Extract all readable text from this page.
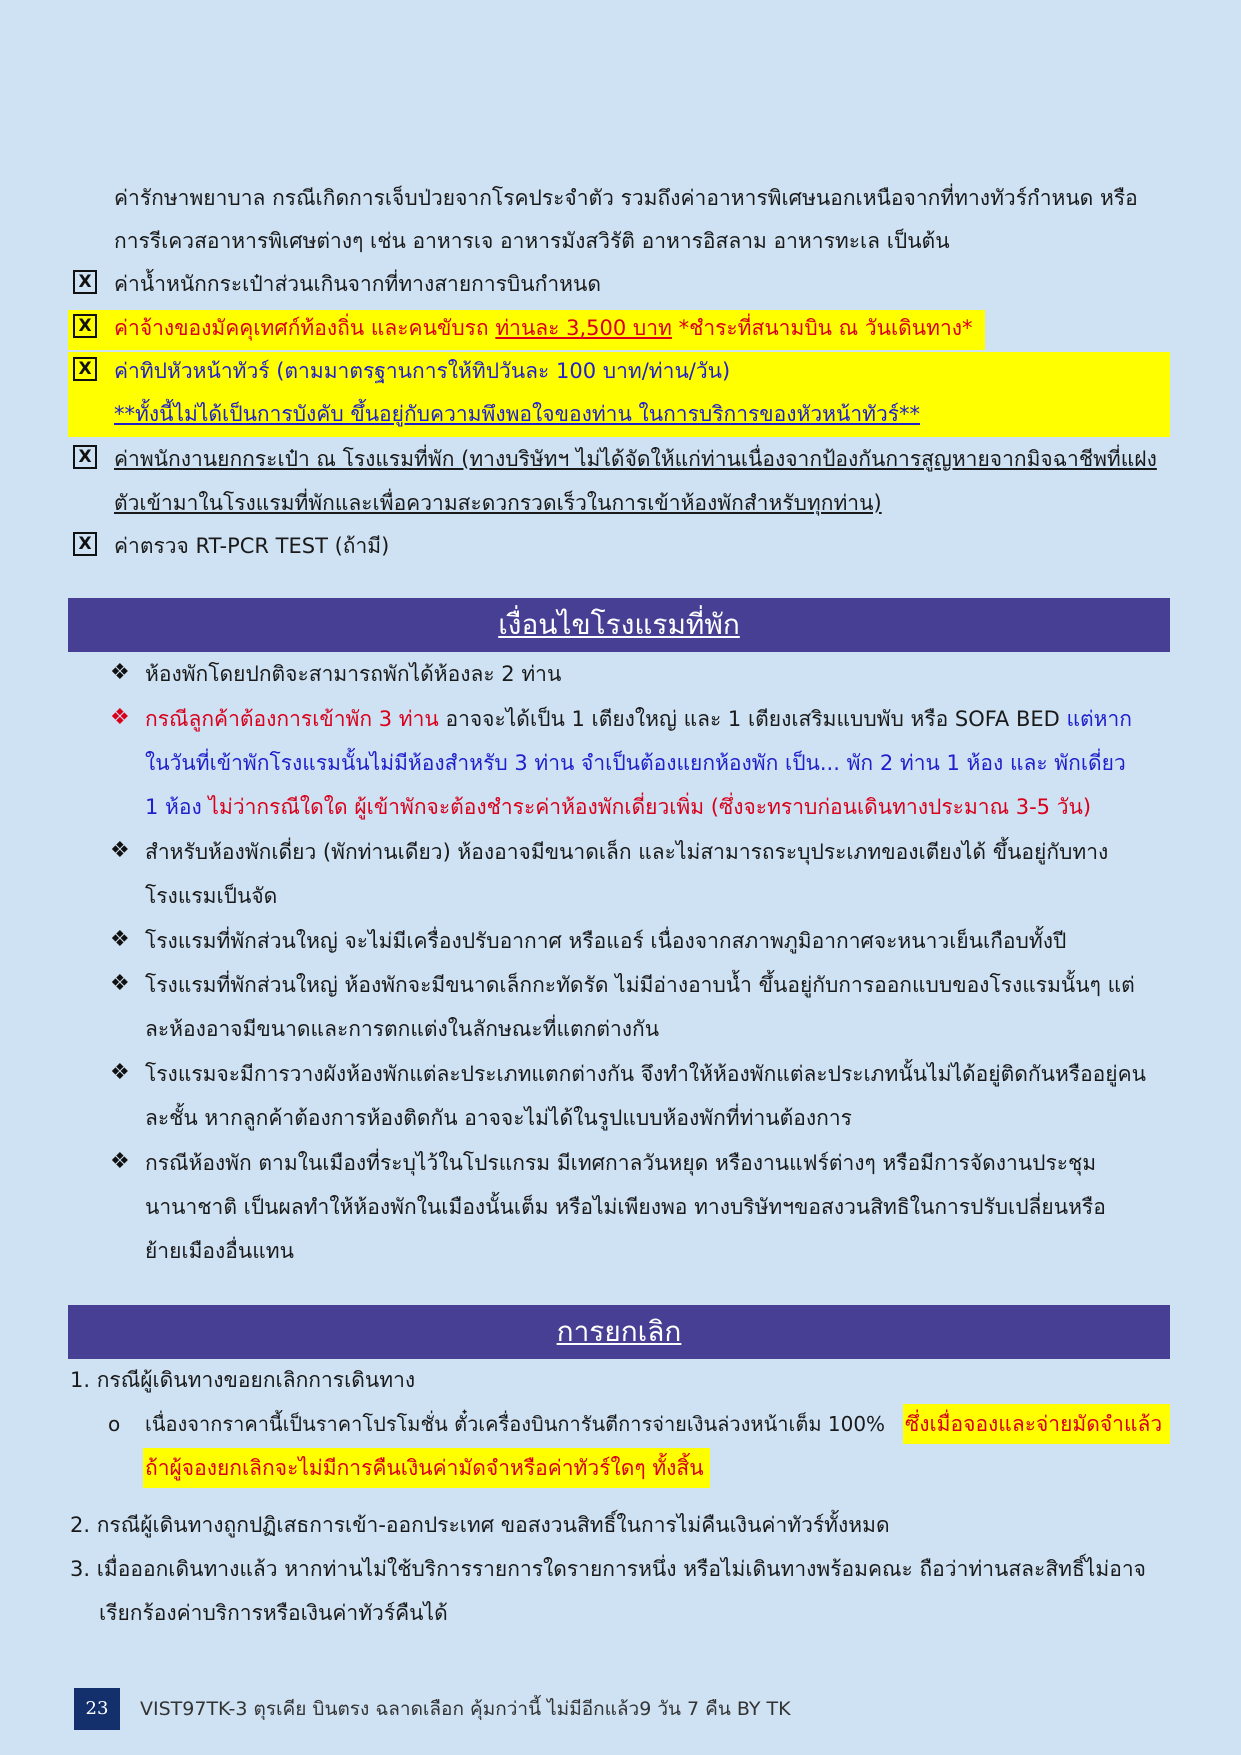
ค่ารักษาพยาบาล กรณีเกิดการเจ็บป่วยจากโรคประจำตัว รวมถึงค่าอาหารพิเศษนอกเหนือจากที่ทางทัวร์กำหนด หรือ
การรีเควสอาหารพิเศษต่างๆ เช่น อาหารเจ อาหารมังสวิรัติ อาหารอิสลาม อาหารทะเล เป็นต้น
X ค่าน้ำหนักกระเป๋าส่วนเกินจากที่ทางสายการบินกำหนด
X ค่าจ้างของมัคคุเทศก์ท้องถิ่น และคนขับรถ ท่านละ 3,500 บาท *ชำระที่สนามบิน ณ วันเดินทาง*
X ค่าทิปหัวหน้าทัวร์ (ตามมาตรฐานการให้ทิปวันละ 100 บาท/ท่าน/วัน)
**ทั้งนี้ไม่ได้เป็นการบังคับ ขึ้นอยู่กับความพึงพอใจของท่าน ในการบริการของหัวหน้าทัวร์**
X ค่าพนักงานยกกระเป๋า ณ โรงแรมที่พัก (ทางบริษัทฯ ไม่ได้จัดให้แก่ท่านเนื่องจากป้องกันการสูญหายจากมิจฉาชีพที่แฝง
ตัวเข้ามาในโรงแรมที่พักและเพื่อความสะดวกรวดเร็วในการเข้าห้องพักสำหรับทุกท่าน)
X ค่าตรวจ RT-PCR TEST (ถ้ามี)
เงื่อนไขโรงแรมที่พัก
❖ ห้องพักโดยปกติจะสามารถพักได้ห้องละ 2 ท่าน
❖ กรณีลูกค้าต้องการเข้าพัก 3 ท่าน อาจจะได้เป็น 1 เตียงใหญ่ และ 1 เตียงเสริมแบบพับ หรือ SOFA BED แต่หาก
ในวันที่เข้าพักโรงแรมนั้นไม่มีห้องสำหรับ 3 ท่าน จำเป็นต้องแยกห้องพัก เป็น... พัก 2 ท่าน 1 ห้อง และ พักเดี่ยว
1 ห้อง ไม่ว่ากรณีใดใด ผู้เข้าพักจะต้องชำระค่าห้องพักเดี่ยวเพิ่ม (ซึ่งจะทราบก่อนเดินทางประมาณ 3-5 วัน)
❖ สำหรับห้องพักเดี่ยว (พักท่านเดียว) ห้องอาจมีขนาดเล็ก และไม่สามารถระบุประเภทของเตียงได้ ขึ้นอยู่กับทาง
โรงแรมเป็นจัด
❖ โรงแรมที่พักส่วนใหญ่ จะไม่มีเครื่องปรับอากาศ หรือแอร์ เนื่องจากสภาพภูมิอากาศจะหนาวเย็นเกือบทั้งปี
❖ โรงแรมที่พักส่วนใหญ่ ห้องพักจะมีขนาดเล็กกะทัดรัด ไม่มีอ่างอาบน้ำ ขึ้นอยู่กับการออกแบบของโรงแรมนั้นๆ แต่
ละห้องอาจมีขนาดและการตกแต่งในลักษณะที่แตกต่างกัน
❖ โรงแรมจะมีการวางผังห้องพักแต่ละประเภทแตกต่างกัน จึงทำให้ห้องพักแต่ละประเภทนั้นไม่ได้อยู่ติดกันหรืออยู่คน
ละชั้น หากลูกค้าต้องการห้องติดกัน อาจจะไม่ได้ในรูปแบบห้องพักที่ท่านต้องการ
❖ กรณีห้องพัก ตามในเมืองที่ระบุไว้ในโปรแกรม มีเทศกาลวันหยุด หรืองานแฟร์ต่างๆ หรือมีการจัดงานประชุม
นานาชาติ เป็นผลทำให้ห้องพักในเมืองนั้นเต็ม หรือไม่เพียงพอ ทางบริษัทฯขอสงวนสิทธิในการปรับเปลี่ยนหรือ
ย้ายเมืองอื่นแทน
การยกเลิก
1. กรณีผู้เดินทางขอยกเลิกการเดินทาง
o เนื่องจากราคานี้เป็นราคาโปรโมชั่น ตั๋วเครื่องบินการันตีการจ่ายเงินล่วงหน้าเต็ม 100% ซึ่งเมื่อจองและจ่ายมัดจำแล้ว
ถ้าผู้จองยกเลิกจะไม่มีการคืนเงินค่ามัดจำหรือค่าทัวร์ใดๆ ทั้งสิ้น
2. กรณีผู้เดินทางถูกปฏิเสธการเข้า-ออกประเทศ ขอสงวนสิทธิ์ในการไม่คืนเงินค่าทัวร์ทั้งหมด
3. เมื่อออกเดินทางแล้ว หากท่านไม่ใช้บริการรายการใดรายการหนึ่ง หรือไม่เดินทางพร้อมคณะ ถือว่าท่านสละสิทธิ์ไม่อาจ
เรียกร้องค่าบริการหรือเงินค่าทัวร์คืนได้
23	VIST97TK-3 ตุรเคีย บินตรง ฉลาดเลือก คุ้มกว่านี้ ไม่มีอีกแล้ว9 วัน 7 คืน BY TK
